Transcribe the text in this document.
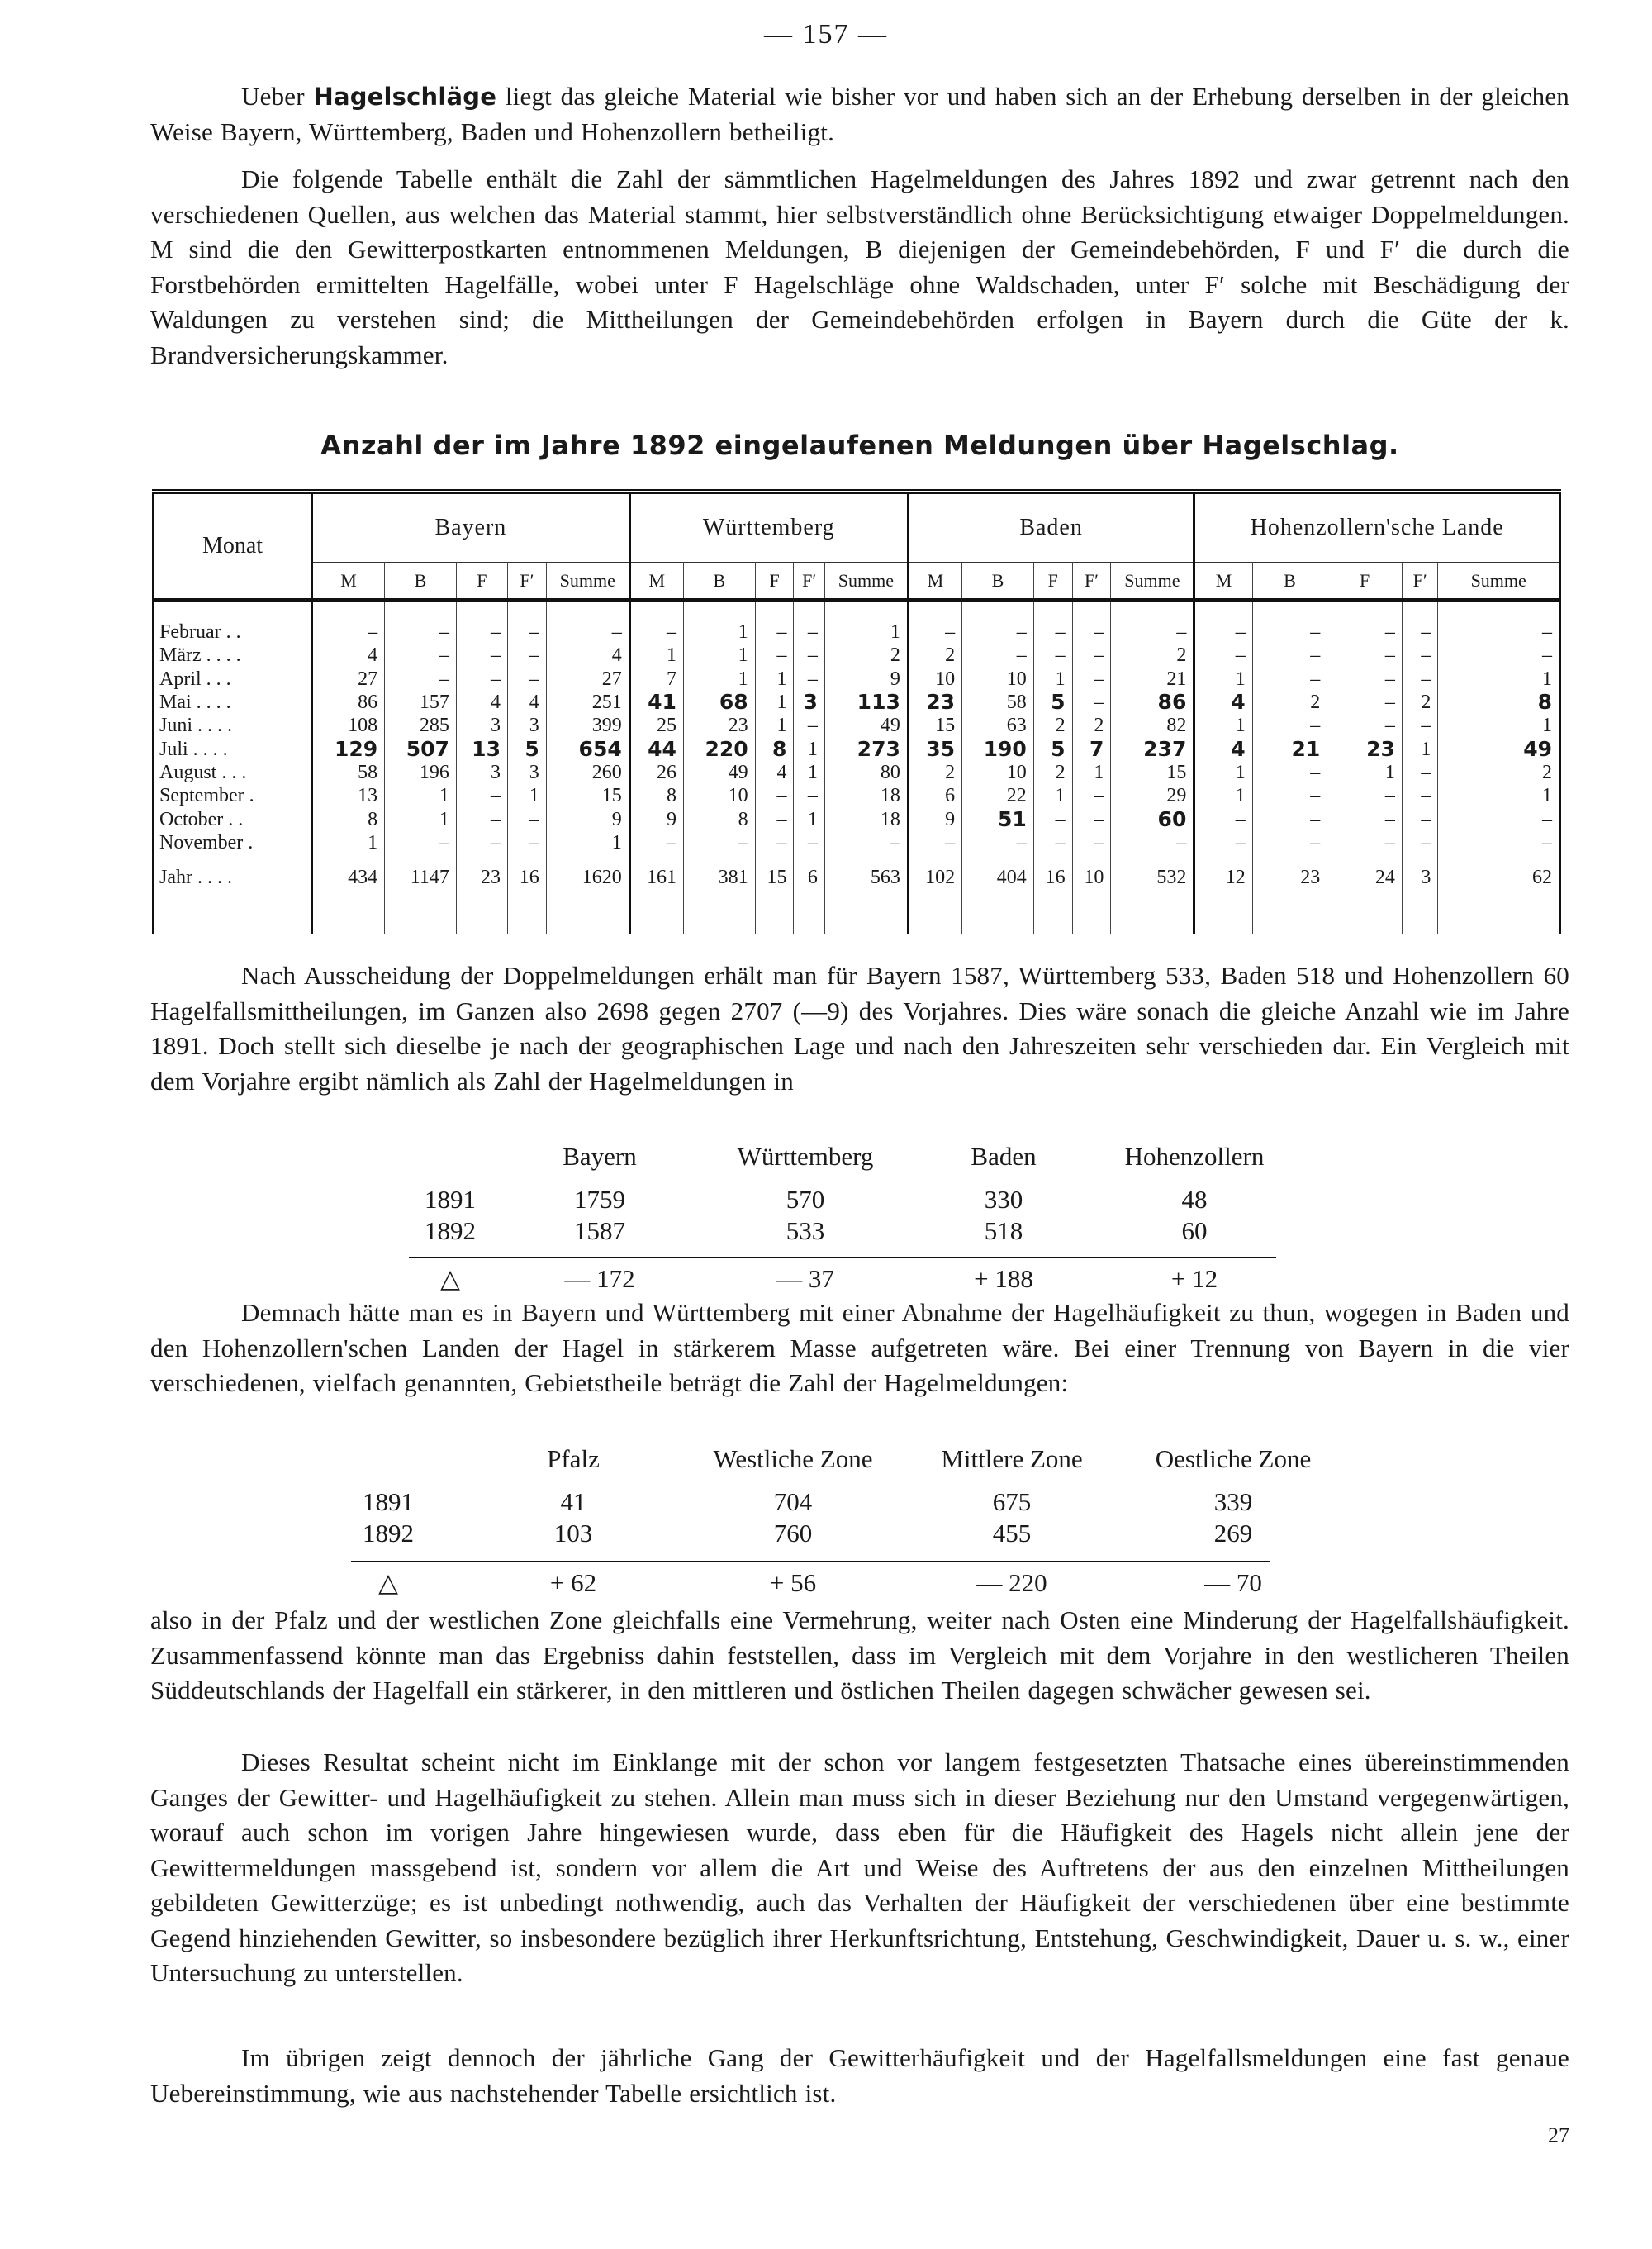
— 157 —

Ueber Hagelschläge liegt das gleiche Material wie bisher vor und haben sich an der Erhebung derselben in der gleichen Weise Bayern, Württemberg, Baden und Hohenzollern betheiligt.

Die folgende Tabelle enthält die Zahl der sämmtlichen Hagelmeldungen des Jahres 1892 und zwar getrennt nach den verschiedenen Quellen, aus welchen das Material stammt, hier selbstverständlich ohne Berücksichtigung etwaiger Doppelmeldungen. M sind die den Gewitterpostkarten entnommenen Meldungen, B diejenigen der Gemeindebehörden, F und F′ die durch die Forstbehörden ermittelten Hagelfälle, wobei unter F Hagelschläge ohne Waldschaden, unter F′ solche mit Beschädigung der Waldungen zu verstehen sind; die Mittheilungen der Gemeindebehörden erfolgen in Bayern durch die Güte der k. Brandversicherungskammer.

Anzahl der im Jahre 1892 eingelaufenen Meldungen über Hagelschlag.
Monat	Bayern					Württemberg					Baden					Hohenzollern'sche Lande				
	M	B	F	F′	Summe	M	B	F	F′	Summe	M	B	F	F′	Summe	M	B	F	F′	Summe

Februar . .	–	–	–	–	–	–	1	–	–	1	–	–	–	–	–	–	–	–	–	–
März . . . .	4	–	–	–	4	1	1	–	–	2	2	–	–	–	2	–	–	–	–	–
April . . .	27	–	–	–	27	7	1	1	–	9	10	10	1	–	21	1	–	–	–	1
Mai . . . .	86	157	4	4	251	41	68	1	3	113	23	58	5	–	86	4	2	–	2	8
Juni . . . .	108	285	3	3	399	25	23	1	–	49	15	63	2	2	82	1	–	–	–	1
Juli . . . .	129	507	13	5	654	44	220	8	1	273	35	190	5	7	237	4	21	23	1	49
August . . .	58	196	3	3	260	26	49	4	1	80	2	10	2	1	15	1	–	1	–	2
September .	13	1	–	1	15	8	10	–	–	18	6	22	1	–	29	1	–	–	–	1
October . .	8	1	–	–	9	9	8	–	1	18	9	51	–	–	60	–	–	–	–	–
November .	1	–	–	–	1	–	–	–	–	–	–	–	–	–	–	–	–	–	–	–
Jahr . . . .	434	1147	23	16	1620	161	381	15	6	563	102	404	16	10	532	12	23	24	3	62

Nach Ausscheidung der Doppelmeldungen erhält man für Bayern 1587, Württemberg 533, Baden 518 und Hohenzollern 60 Hagelfallsmittheilungen, im Ganzen also 2698 gegen 2707 (—9) des Vorjahres. Dies wäre sonach die gleiche Anzahl wie im Jahre 1891. Doch stellt sich dieselbe je nach der geographischen Lage und nach den Jahreszeiten sehr verschieden dar. Ein Vergleich mit dem Vorjahre ergibt nämlich als Zahl der Hagelmeldungen in

Bayern	Württemberg	Baden	Hohenzollern
1891	1759	570	330	48
1892	1587	533	518	60
△	— 172	— 37	+ 188	+ 12

Demnach hätte man es in Bayern und Württemberg mit einer Abnahme der Hagelhäufigkeit zu thun, wogegen in Baden und den Hohenzollern'schen Landen der Hagel in stärkerem Masse aufgetreten wäre. Bei einer Trennung von Bayern in die vier verschiedenen, vielfach genannten, Gebietstheile beträgt die Zahl der Hagelmeldungen:

Pfalz	Westliche Zone	Mittlere Zone	Oestliche Zone
1891	41	704	675	339
1892	103	760	455	269
△	+ 62	+ 56	— 220	— 70

also in der Pfalz und der westlichen Zone gleichfalls eine Vermehrung, weiter nach Osten eine Minderung der Hagelfallshäufigkeit. Zusammenfassend könnte man das Ergebniss dahin feststellen, dass im Vergleich mit dem Vorjahre in den westlicheren Theilen Süddeutschlands der Hagelfall ein stärkerer, in den mittleren und östlichen Theilen dagegen schwächer gewesen sei.

Dieses Resultat scheint nicht im Einklange mit der schon vor langem festgesetzten Thatsache eines übereinstimmenden Ganges der Gewitter- und Hagelhäufigkeit zu stehen. Allein man muss sich in dieser Beziehung nur den Umstand vergegenwärtigen, worauf auch schon im vorigen Jahre hingewiesen wurde, dass eben für die Häufigkeit des Hagels nicht allein jene der Gewittermeldungen massgebend ist, sondern vor allem die Art und Weise des Auftretens der aus den einzelnen Mittheilungen gebildeten Gewitterzüge; es ist unbedingt nothwendig, auch das Verhalten der Häufigkeit der verschiedenen über eine bestimmte Gegend hinziehenden Gewitter, so insbesondere bezüglich ihrer Herkunftsrichtung, Entstehung, Geschwindigkeit, Dauer u. s. w., einer Untersuchung zu unterstellen.

Im übrigen zeigt dennoch der jährliche Gang der Gewitterhäufigkeit und der Hagelfallsmeldungen eine fast genaue Uebereinstimmung, wie aus nachstehender Tabelle ersichtlich ist.

27
